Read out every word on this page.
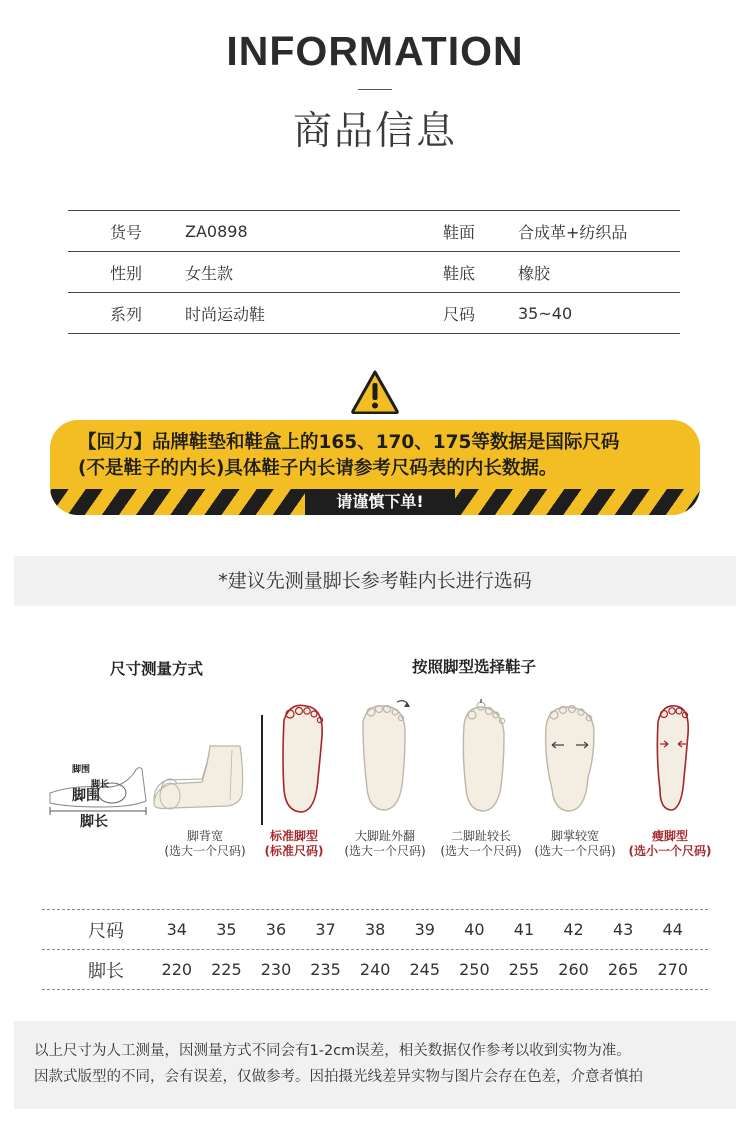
INFORMATION
商品信息
货号	ZA0898	鞋面	合成革+纺织品
性别	女生款	鞋底	橡胶
系列	时尚运动鞋	尺码	35~40
【回力】品牌鞋垫和鞋盒上的165、170、175等数据是国际尺码
(不是鞋子的内长)具体鞋子内长请参考尺码表的内长数据。
请谨慎下单!
*建议先测量脚长参考鞋内长进行选码
尺寸测量方式	按照脚型选择鞋子
脚围
脚长
脚围
脚长
脚背宽
(选大一个尺码)
标准脚型
(标准尺码)
大脚趾外翻
(选大一个尺码)
二脚趾较长
(选大一个尺码)
脚掌较宽
(选大一个尺码)
瘦脚型
(选小一个尺码)
尺码	34	35	36	37	38	39	40	41	42	43	44
脚长	220	225	230	235	240	245	250	255	260	265	270
以上尺寸为人工测量，因测量方式不同会有1-2cm误差，相关数据仅作参考以收到实物为准。
因款式版型的不同，会有误差，仅做参考。因拍摄光线差异实物与图片会存在色差，介意者慎拍
